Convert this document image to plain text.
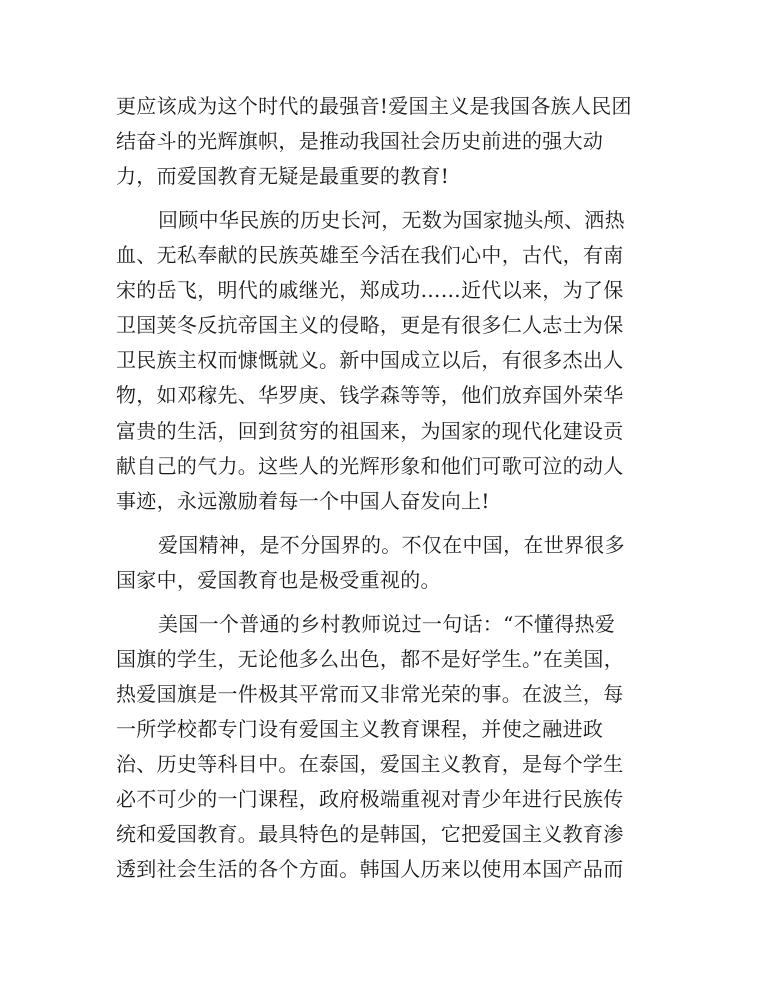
更应该成为这个时代的最强音!爱国主义是我国各族人民团
结奋斗的光辉旗帜，是推动我国社会历史前进的强大动
力，而爱国教育无疑是最重要的教育!
回顾中华民族的历史长河，无数为国家抛头颅、洒热
血、无私奉献的民族英雄至今活在我们心中，古代，有南
宋的岳飞，明代的戚继光，郑成功……近代以来，为了保
卫国荚冬反抗帝国主义的侵略，更是有很多仁人志士为保
卫民族主权而慷慨就义。新中国成立以后，有很多杰出人
物，如邓稼先、华罗庚、钱学森等等，他们放弃国外荣华
富贵的生活，回到贫穷的祖国来，为国家的现代化建设贡
献自己的气力。这些人的光辉形象和他们可歌可泣的动人
事迹，永远激励着每一个中国人奋发向上!
爱国精神，是不分国界的。不仅在中国，在世界很多
国家中，爱国教育也是极受重视的。
美国一个普通的乡村教师说过一句话：“不懂得热爱
国旗的学生，无论他多么出色，都不是好学生。”在美国，
热爱国旗是一件极其平常而又非常光荣的事。在波兰，每
一所学校都专门设有爱国主义教育课程，并使之融进政
治、历史等科目中。在泰国，爱国主义教育，是每个学生
必不可少的一门课程，政府极端重视对青少年进行民族传
统和爱国教育。最具特色的是韩国，它把爱国主义教育渗
透到社会生活的各个方面。韩国人历来以使用本国产品而
